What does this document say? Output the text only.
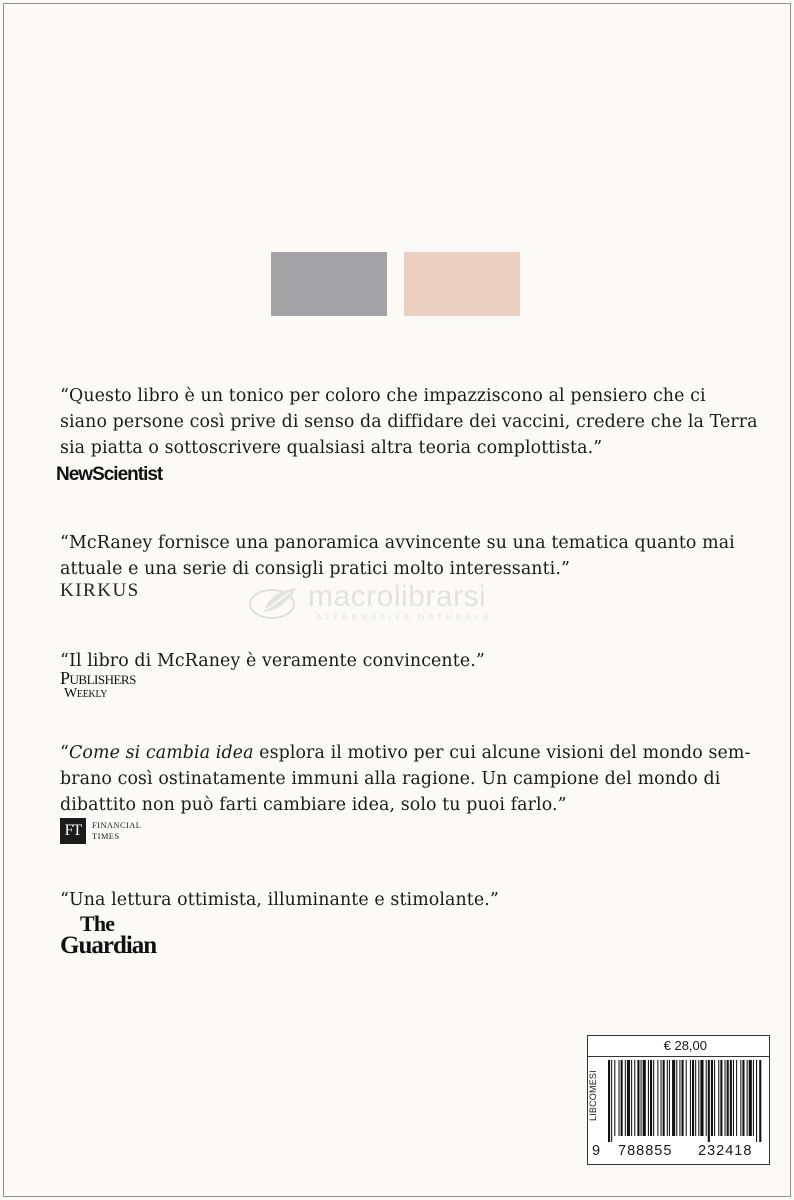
“Questo libro è un tonico per coloro che impazziscono al pensiero che ci
siano persone così prive di senso da diffidare dei vaccini, credere che la Terra
sia piatta o sottoscrivere qualsiasi altra teoria complottista.”
NewScientist
“McRaney fornisce una panoramica avvincente su una tematica quanto mai
attuale e una serie di consigli pratici molto interessanti.”
KIRKUS	macrolibrarsi
ALTERNATIVA NATURALE
“Il libro di McRaney è veramente convincente.”
Publishers
Weekly
“Come si cambia idea esplora il motivo per cui alcune visioni del mondo sem-
brano così ostinatamente immuni alla ragione. Un campione del mondo di
dibattito non può farti cambiare idea, solo tu puoi farlo.”
FT	FINANCIAL
TIMES
“Una lettura ottimista, illuminante e stimolante.”
The
Guardian
€ 28,00
LIBCOMESI
9 788855 232418
